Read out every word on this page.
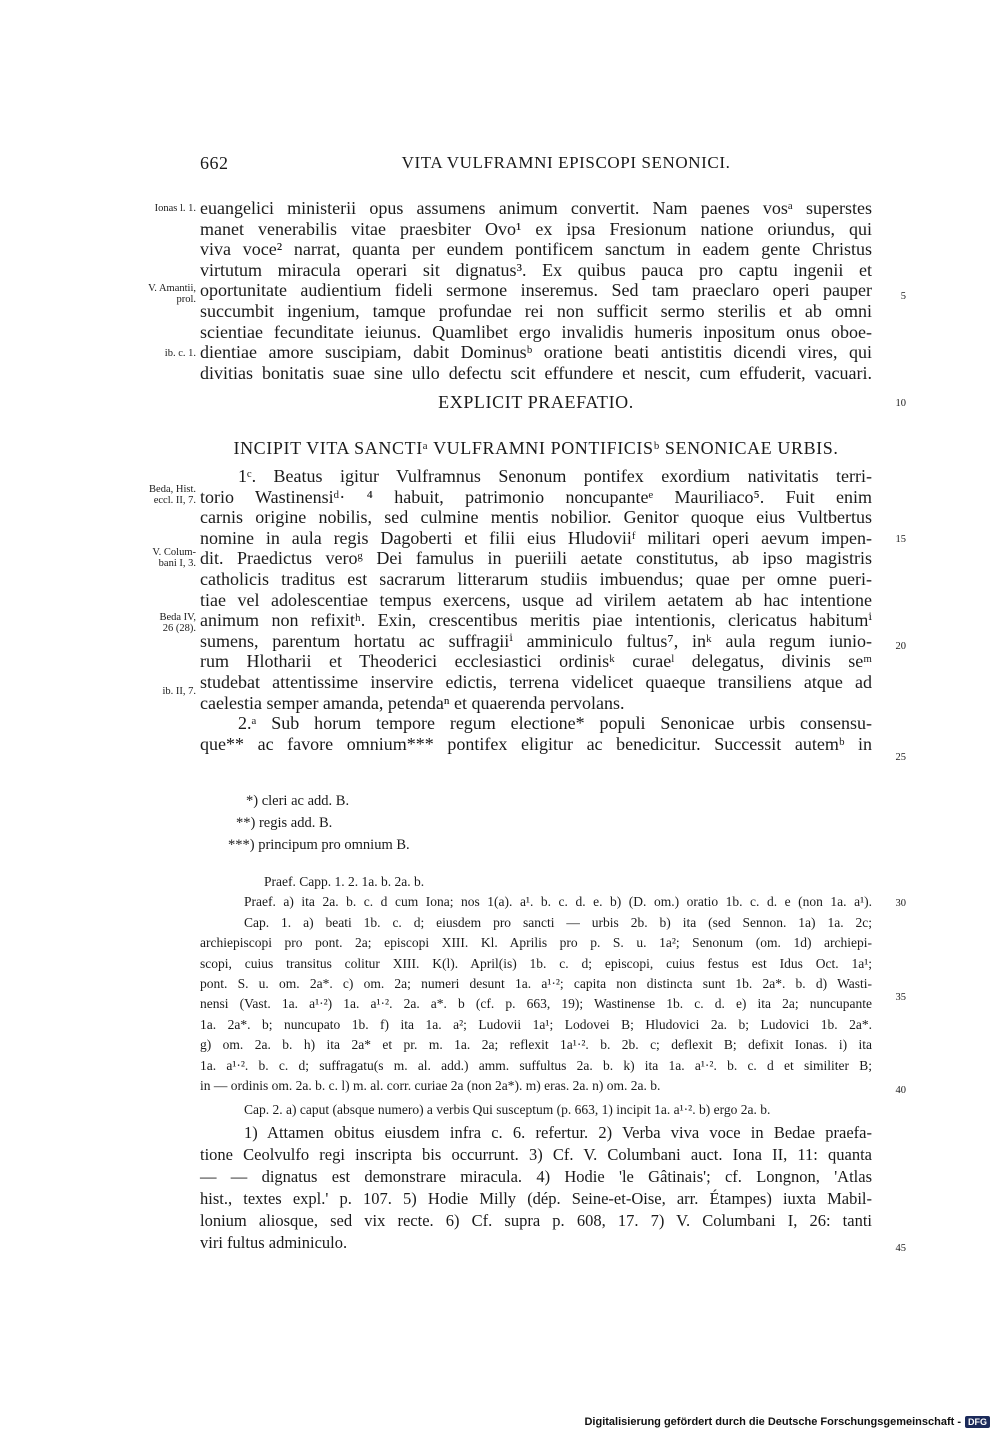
662	VITA VULFRAMNI EPISCOPI SENONICI.
euangelici ministerii opus assumens animum convertit. Nam paenes vosᵃ superstes
manet venerabilis vitae praesbiter Ovo¹ ex ipsa Fresionum natione oriundus, qui
viva voce² narrat, quanta per eundem pontificem sanctum in eadem gente Christus
virtutum miracula operari sit dignatus³. Ex quibus pauca pro captu ingenii et
oportunitate audientium fideli sermone inseremus. Sed tam praeclaro operi pauper
succumbit ingenium, tamque profundae rei non sufficit sermo sterilis et ab omni
scientiae fecunditate ieiunus. Quamlibet ergo invalidis humeris inpositum onus oboe-
dientiae amore suscipiam, dabit Dominusᵇ oratione beati antistitis dicendi vires, qui
divitias bonitatis suae sine ullo defectu scit effundere et nescit, cum effuderit, vacuari.
EXPLICIT PRAEFATIO.
INCIPIT VITA SANCTIᵃ VULFRAMNI PONTIFICISᵇ SENONICAE URBIS.
1ᶜ. Beatus igitur Vulframnus Senonum pontifex exordium nativitatis terri-
torio Wastinensiᵈ· ⁴ habuit, patrimonio noncupanteᵉ Mauriliaco⁵. Fuit enim
carnis origine nobilis, sed culmine mentis nobilior. Genitor quoque eius Vultbertus
nomine in aula regis Dagoberti et filii eius Hludoviiᶠ militari operi aevum impen-
dit. Praedictus veroᵍ Dei famulus in pueriili aetate constitutus, ab ipso magistris
catholicis traditus est sacrarum litterarum studiis imbuendus; quae per omne pueri-
tiae vel adolescentiae tempus exercens, usque ad virilem aetatem ab hac intentione
animum non refixitʰ. Exin, crescentibus meritis piae intentionis, clericatus habitumⁱ
sumens, parentum hortatu ac suffragiiⁱ amminiculo fultus⁷, inᵏ aula regum iunio-
rum Hlotharii et Theoderici ecclesiastici ordinisᵏ curaeˡ delegatus, divinis seᵐ
studebat attentissime inservire edictis, terrena videlicet quaeque transiliens atque ad
caelestia semper amanda, petendaⁿ et quaerenda pervolans.
2.ᵃ Sub horum tempore regum electione* populi Senonicae urbis consensu-
que** ac favore omnium*** pontifex eligitur ac benedicitur. Successit autemᵇ in
Ionas l. 1.
V. Amantii,
prol.
ib. c. 1.
Beda, Hist.
eccl. II, 7.
V. Colum-
bani I, 3.
Beda IV,
26 (28).
ib. II, 7.
5
10
15
20
25
30
35
40
45
*) cleri ac add. B.
**) regis add. B.
***) principum pro omnium B.
Praef. Capp. 1. 2. 1a. b. 2a. b.
Praef. a) ita 2a. b. c. d cum Iona; nos 1(a). a¹. b. c. d. e. b) (D. om.) oratio 1b. c. d. e (non 1a. a¹).
Cap. 1. a) beati 1b. c. d; eiusdem pro sancti — urbis 2b. b) ita (sed Sennon. 1a) 1a. 2c;
archiepiscopi pro pont. 2a; episcopi XIII. Kl. Aprilis pro p. S. u. 1a²; Senonum (om. 1d) archiepi-
scopi, cuius transitus colitur XIII. K(l). April(is) 1b. c. d; episcopi, cuius festus est Idus Oct. 1a¹;
pont. S. u. om. 2a*. c) om. 2a; numeri desunt 1a. a¹·²; capita non distincta sunt 1b. 2a*. b. d) Wasti-
nensi (Vast. 1a. a¹·²) 1a. a¹·². 2a. a*. b (cf. p. 663, 19); Wastinense 1b. c. d. e) ita 2a; nuncupante
1a. 2a*. b; nuncupato 1b. f) ita 1a. a²; Ludovii 1a¹; Lodovei B; Hludovici 2a. b; Ludovici 1b. 2a*.
g) om. 2a. b. h) ita 2a* et pr. m. 1a. 2a; reflexit 1a¹·². b. 2b. c; deflexit B; defixit Ionas. i) ita
1a. a¹·². b. c. d; suffragatu(s m. al. add.) amm. suffultus 2a. b. k) ita 1a. a¹·². b. c. d et similiter B;
in — ordinis om. 2a. b. c. l) m. al. corr. curiae 2a (non 2a*). m) eras. 2a. n) om. 2a. b.
Cap. 2. a) caput (absque numero) a verbis Qui susceptum (p. 663, 1) incipit 1a. a¹·². b) ergo 2a. b.
1) Attamen obitus eiusdem infra c. 6. refertur. 2) Verba viva voce in Bedae praefa-
tione Ceolvulfo regi inscripta bis occurrunt. 3) Cf. V. Columbani auct. Iona II, 11: quanta
— — dignatus est demonstrare miracula. 4) Hodie 'le Gâtinais'; cf. Longnon, 'Atlas
hist., textes expl.' p. 107. 5) Hodie Milly (dép. Seine-et-Oise, arr. Étampes) iuxta Mabil-
lonium aliosque, sed vix recte. 6) Cf. supra p. 608, 17. 7) V. Columbani I, 26: tanti
viri fultus adminiculo.
Digitalisierung gefördert durch die Deutsche Forschungsgemeinschaft - DFG
